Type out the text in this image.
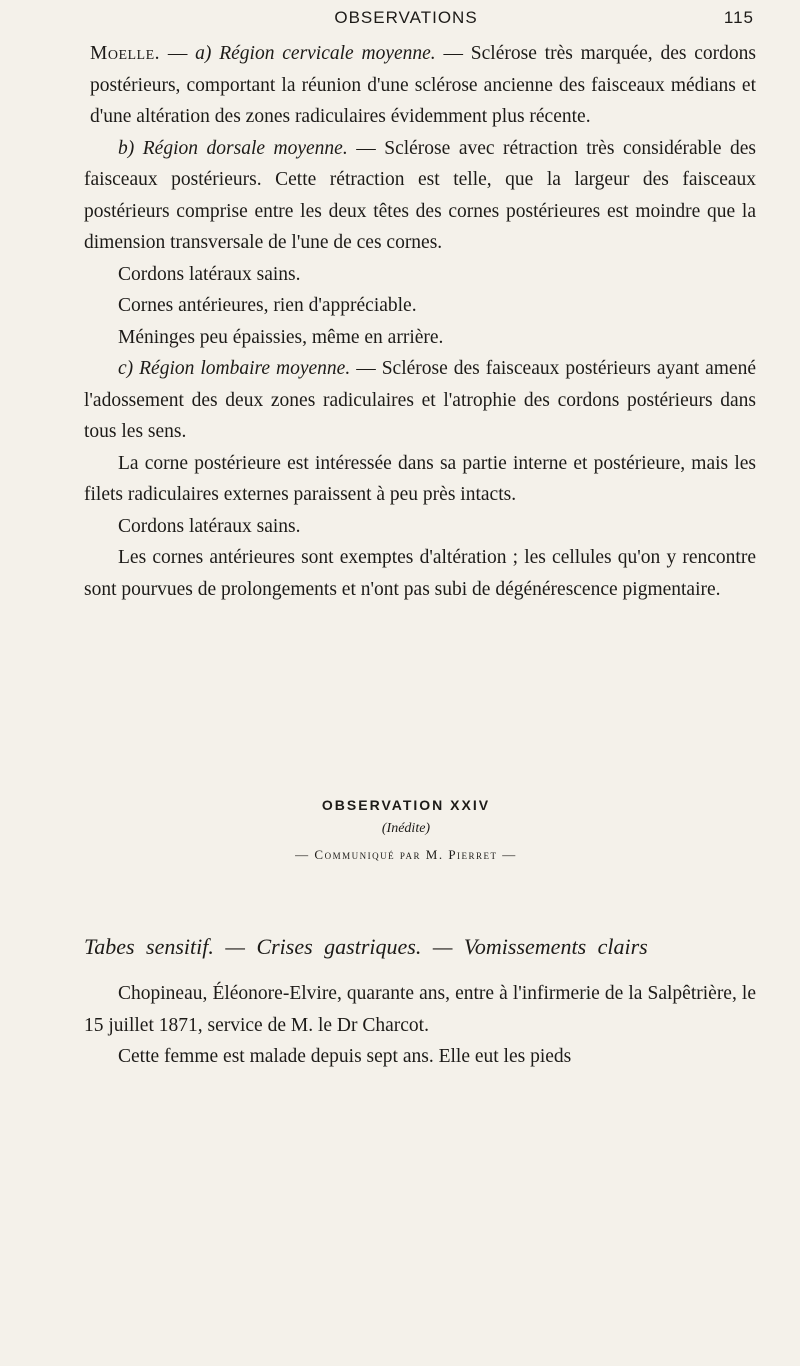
OBSERVATIONS	115

Moelle. — a) Région cervicale moyenne. — Sclérose très marquée, des cordons postérieurs, comportant la réunion d'une sclérose ancienne des faisceaux médians et d'une altération des zones radiculaires évidemment plus récente.

b) Région dorsale moyenne. — Sclérose avec rétraction très considérable des faisceaux postérieurs. Cette rétraction est telle, que la largeur des faisceaux postérieurs comprise entre les deux têtes des cornes postérieures est moindre que la dimension transversale de l'une de ces cornes.

Cordons latéraux sains.

Cornes antérieures, rien d'appréciable.

Méninges peu épaissies, même en arrière.

c) Région lombaire moyenne. — Sclérose des faisceaux postérieurs ayant amené l'adossement des deux zones radiculaires et l'atrophie des cordons postérieurs dans tous les sens.

La corne postérieure est intéressée dans sa partie interne et postérieure, mais les filets radiculaires externes paraissent à peu près intacts.

Cordons latéraux sains.

Les cornes antérieures sont exemptes d'altération ; les cellules qu'on y rencontre sont pourvues de prolongements et n'ont pas subi de dégénérescence pigmentaire.

OBSERVATION XXIV
(Inédite)
— Communiqué par M. Pierret —
Tabes sensitif. — Crises gastriques. — Vomissements clairs

Chopineau, Éléonore-Elvire, quarante ans, entre à l'infirmerie de la Salpêtrière, le 15 juillet 1871, service de M. le Dr Charcot.

Cette femme est malade depuis sept ans. Elle eut les pieds
